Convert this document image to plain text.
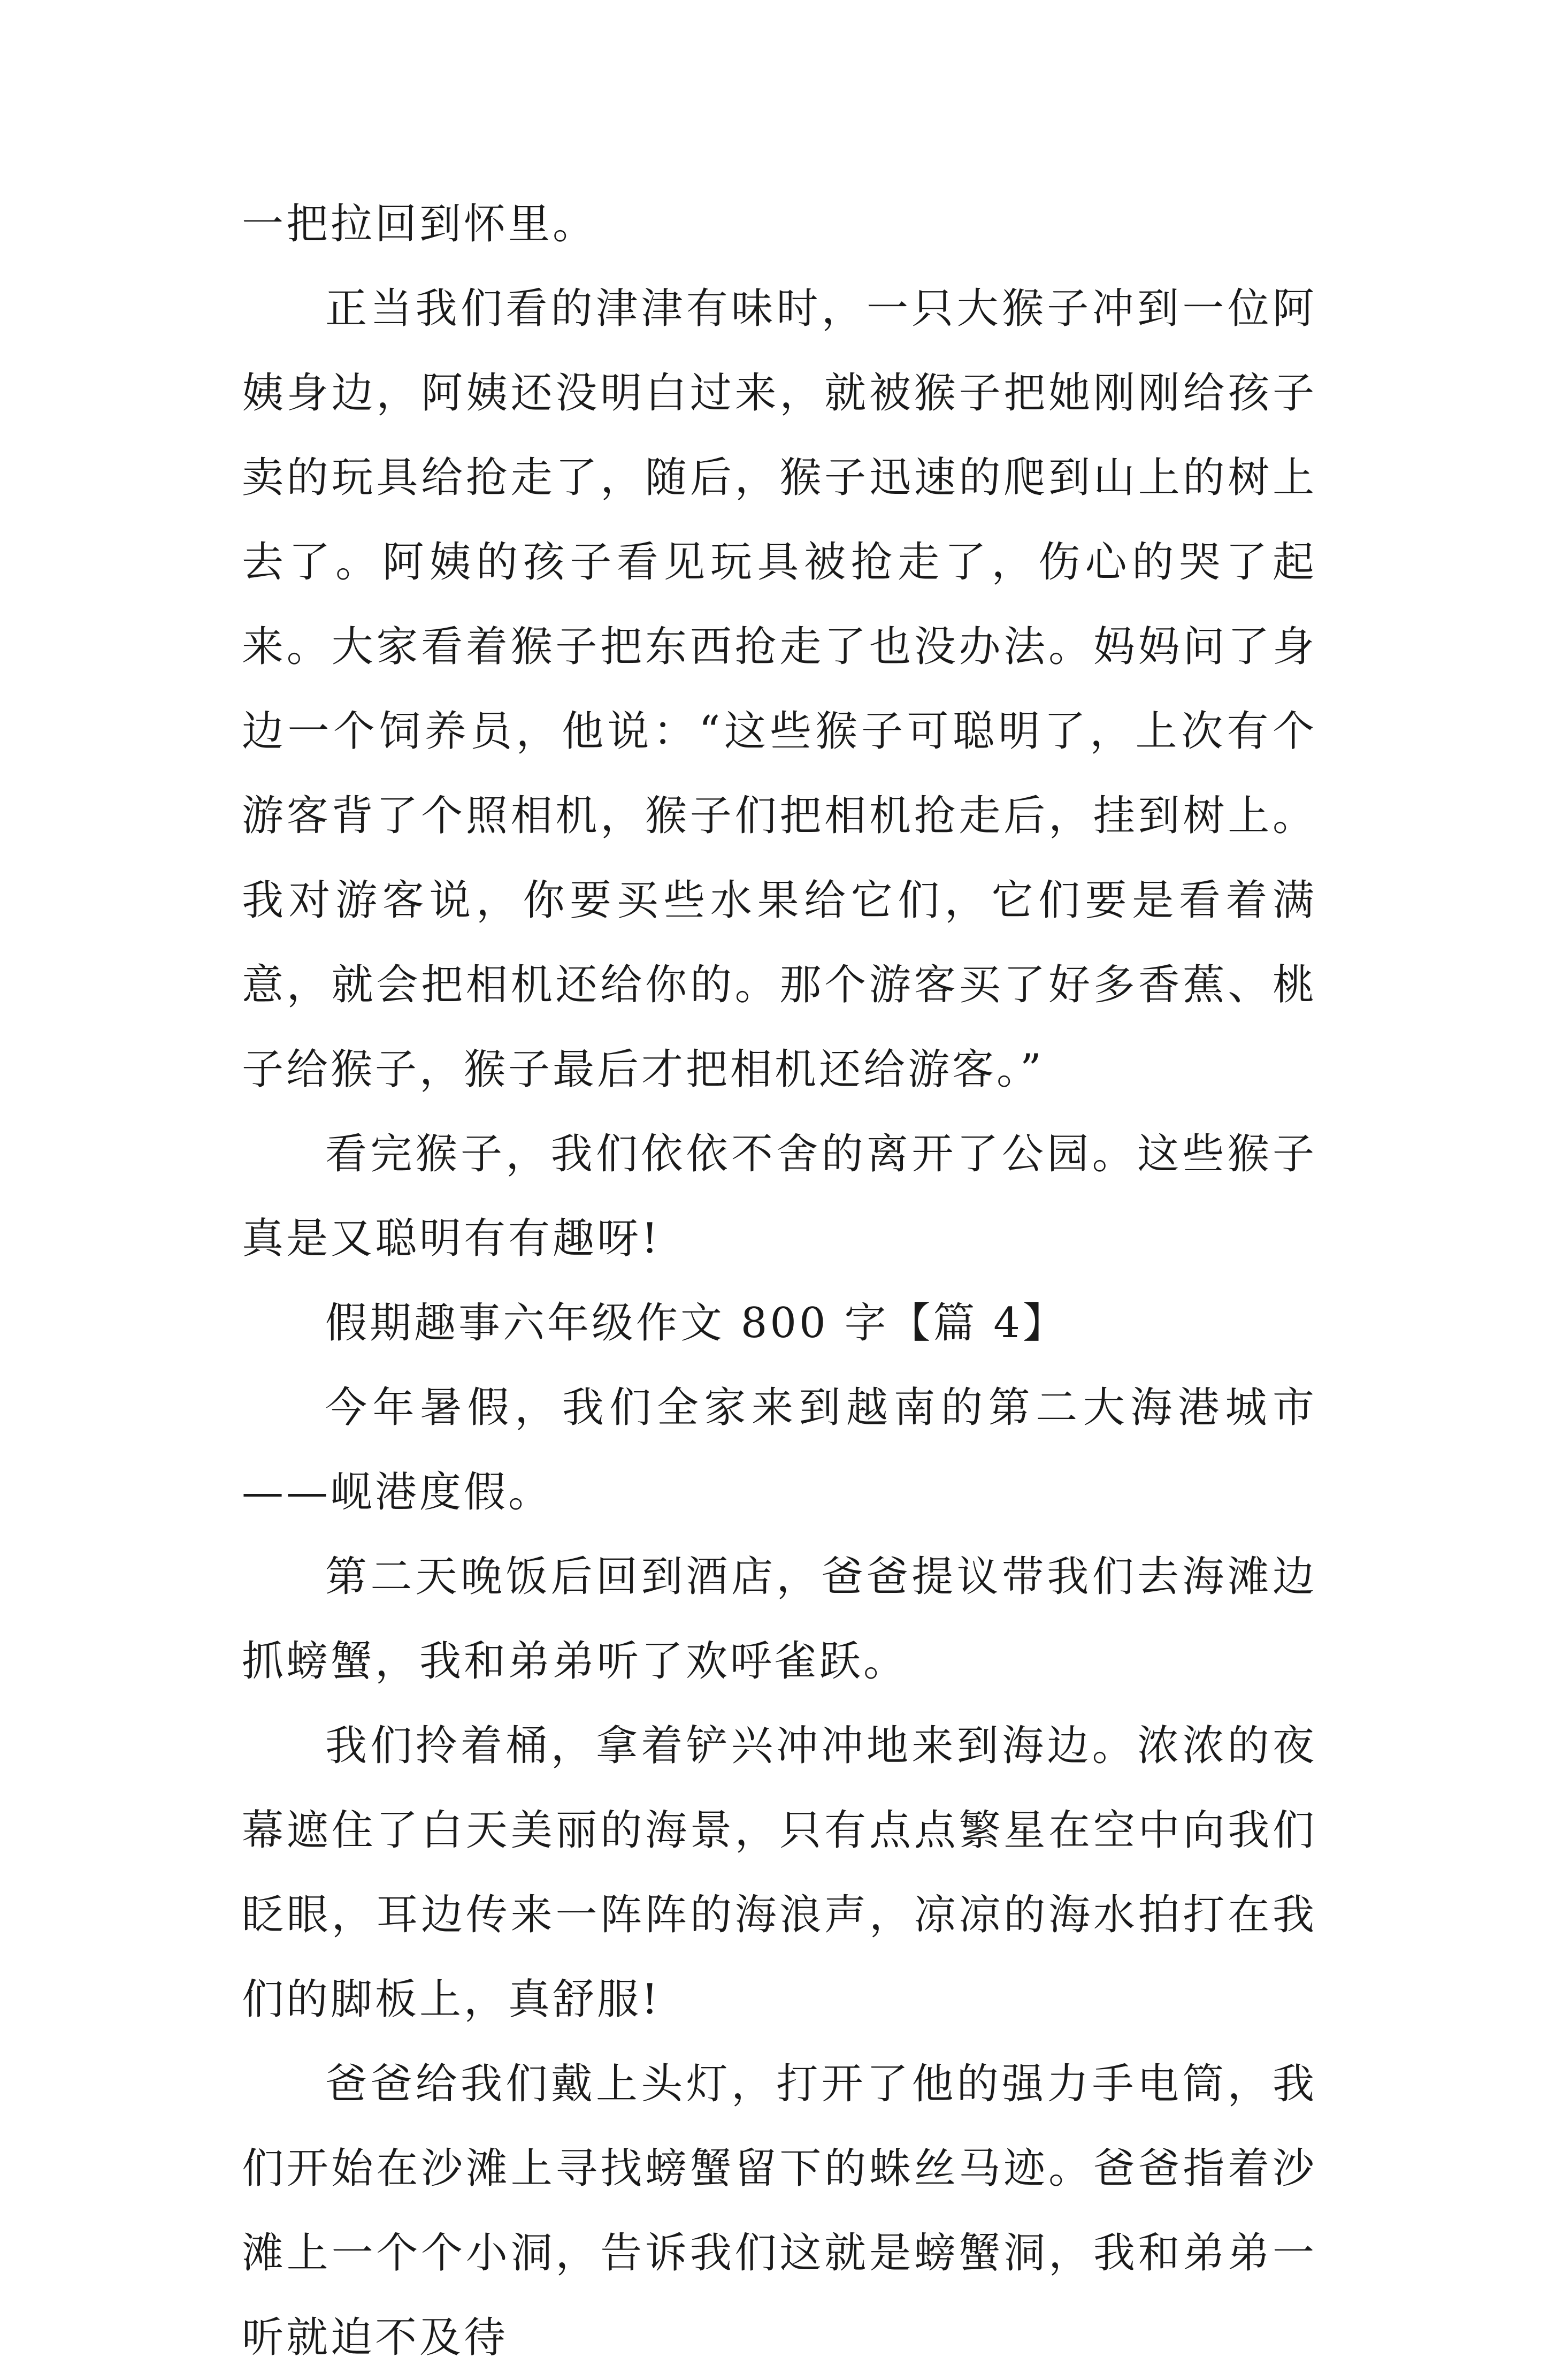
一把拉回到怀里。

正当我们看的津津有味时，一只大猴子冲到一位阿姨身边，阿姨还没明白过来，就被猴子把她刚刚给孩子卖的玩具给抢走了，随后，猴子迅速的爬到山上的树上去了。阿姨的孩子看见玩具被抢走了，伤心的哭了起来。大家看着猴子把东西抢走了也没办法。妈妈问了身边一个饲养员，他说：“这些猴子可聪明了，上次有个游客背了个照相机，猴子们把相机抢走后，挂到树上。我对游客说，你要买些水果给它们，它们要是看着满意，就会把相机还给你的。那个游客买了好多香蕉、桃子给猴子，猴子最后才把相机还给游客。”

看完猴子，我们依依不舍的离开了公园。这些猴子真是又聪明有有趣呀!

假期趣事六年级作文 800 字【篇 4】

今年暑假，我们全家来到越南的第二大海港城市——岘港度假。

第二天晚饭后回到酒店，爸爸提议带我们去海滩边抓螃蟹，我和弟弟听了欢呼雀跃。

我们拎着桶，拿着铲兴冲冲地来到海边。浓浓的夜幕遮住了白天美丽的海景，只有点点繁星在空中向我们眨眼，耳边传来一阵阵的海浪声，凉凉的海水拍打在我们的脚板上，真舒服!

爸爸给我们戴上头灯，打开了他的强力手电筒，我们开始在沙滩上寻找螃蟹留下的蛛丝马迹。爸爸指着沙滩上一个个小洞，告诉我们这就是螃蟹洞，我和弟弟一听就迫不及待
